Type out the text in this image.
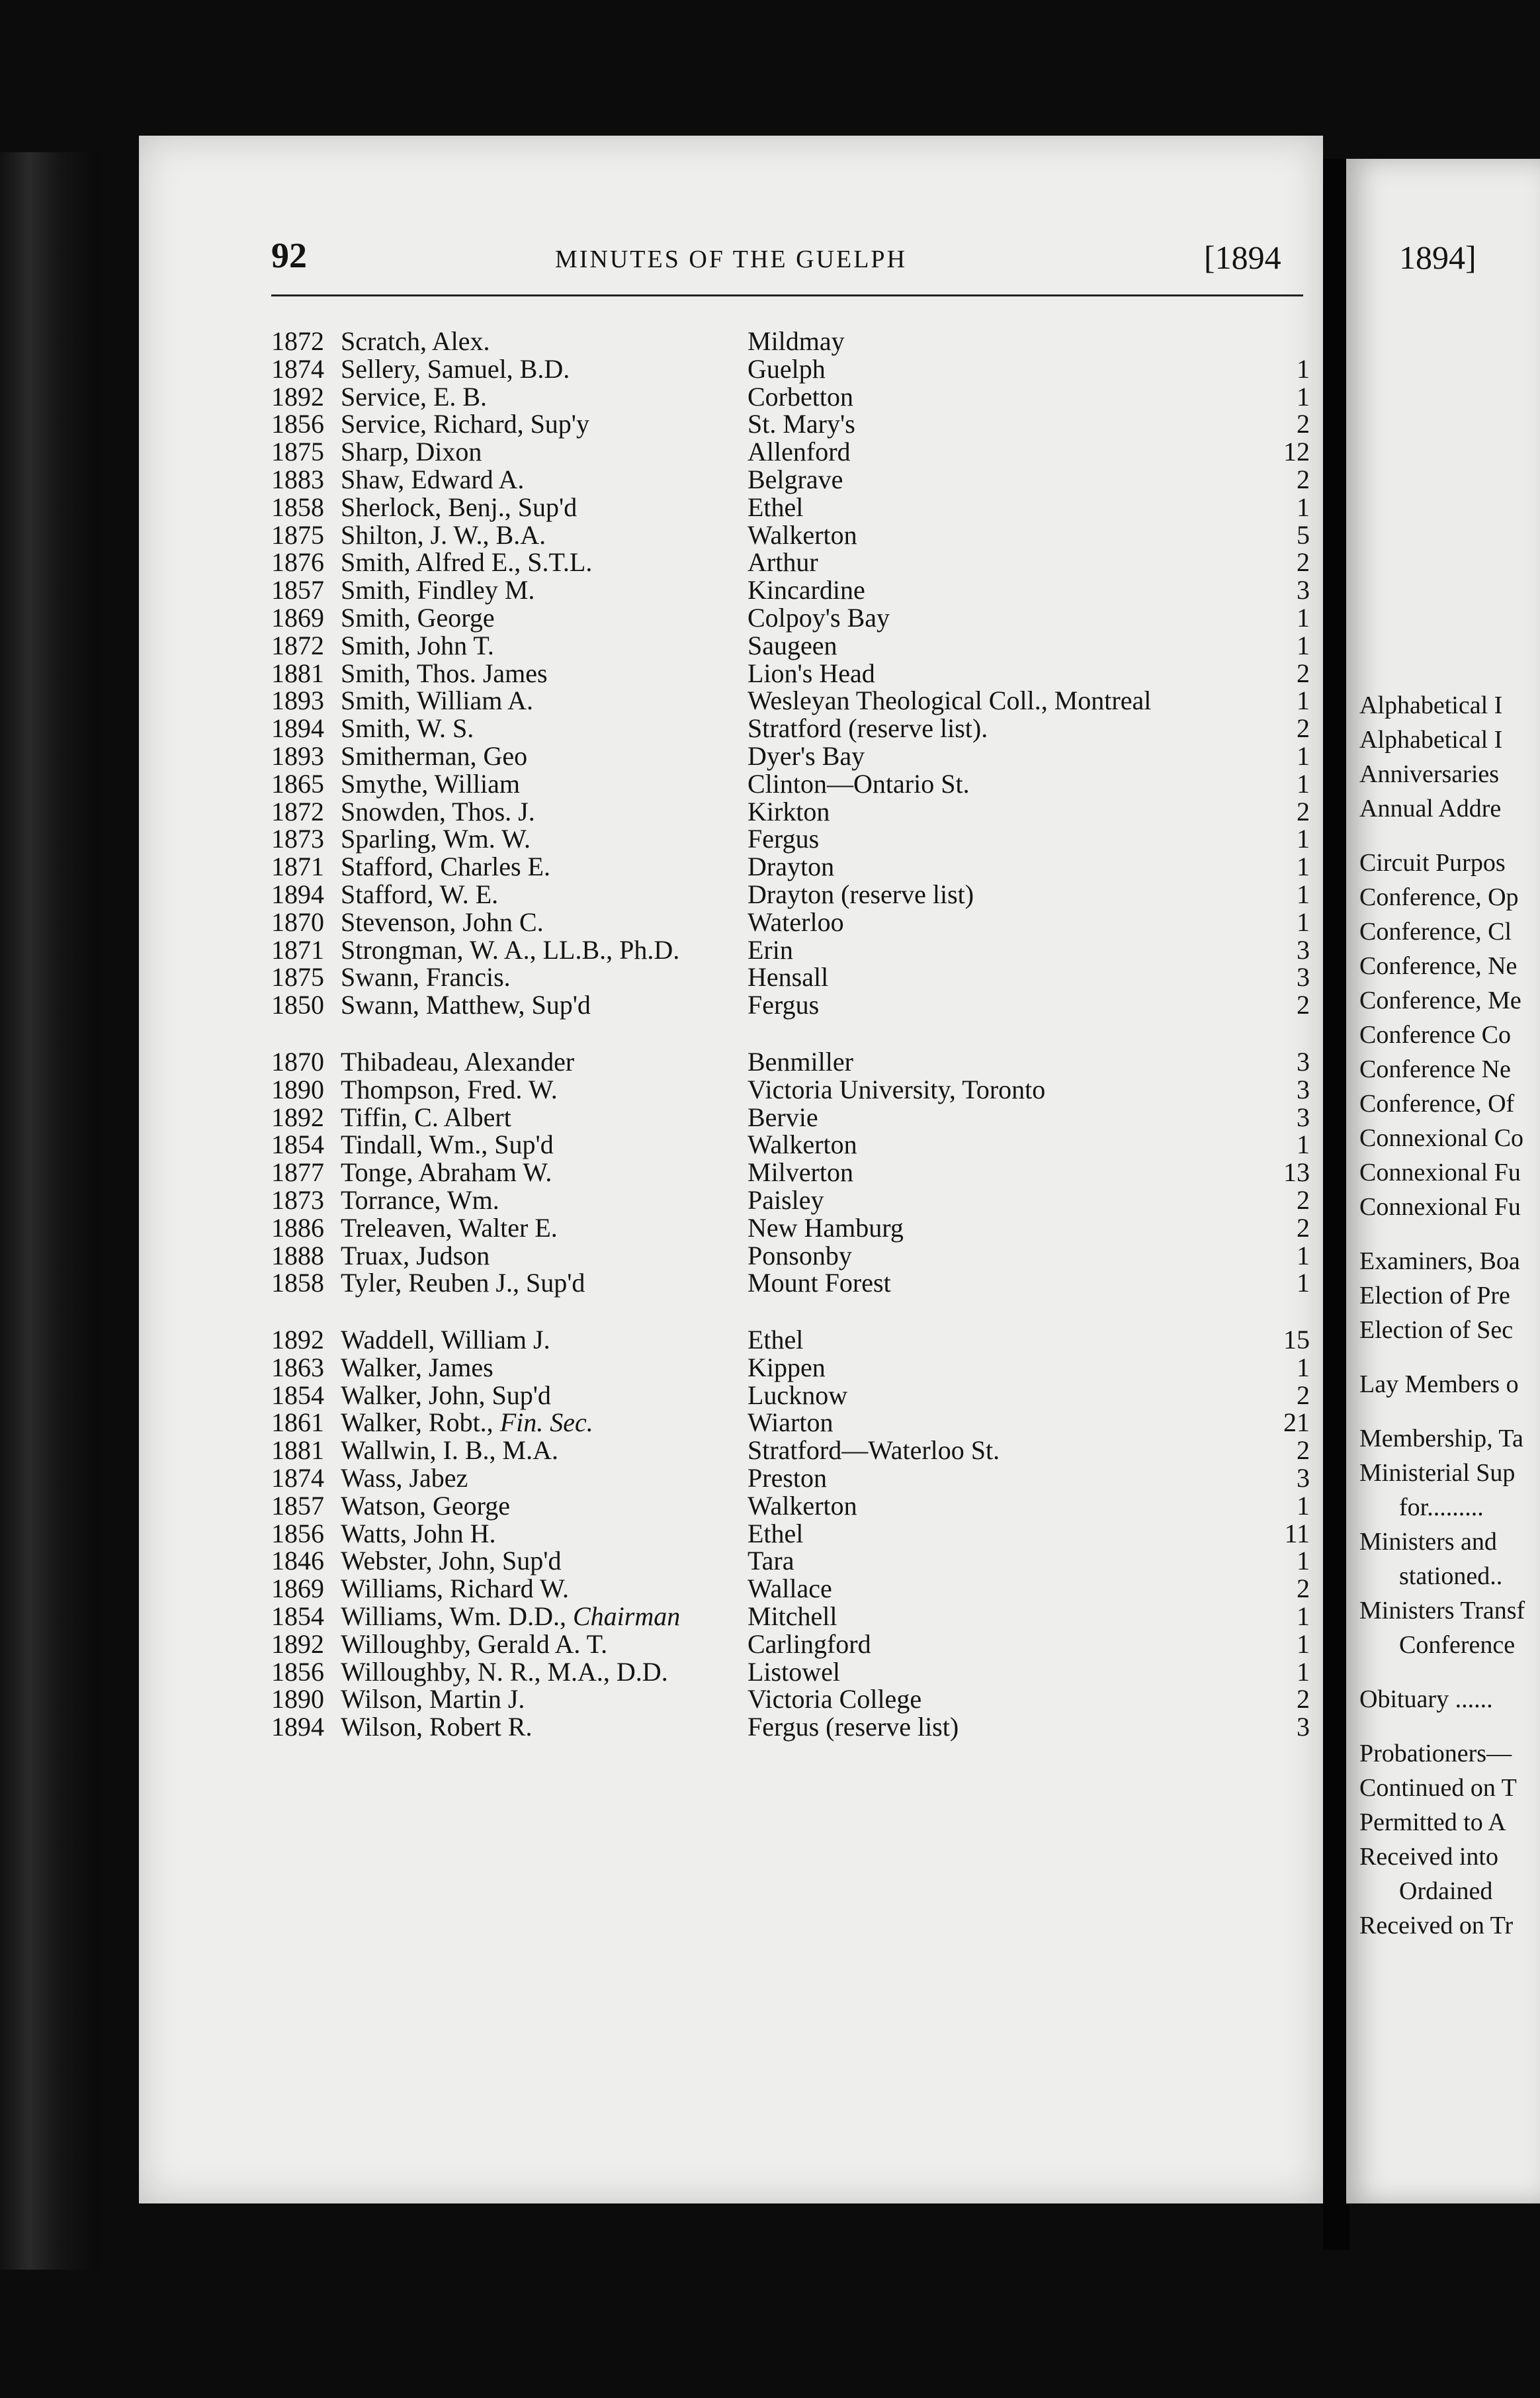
92	MINUTES OF THE GUELPH	[1894
1872 Scratch, Alex.	Mildmay
1874 Sellery, Samuel, B.D.	Guelph	1
1892 Service, E. B.	Corbetton	1
1856 Service, Richard, Sup'y	St. Mary's	2
1875 Sharp, Dixon	Allenford	12
1883 Shaw, Edward A.	Belgrave	2
1858 Sherlock, Benj., Sup'd	Ethel	1
1875 Shilton, J. W., B.A.	Walkerton	5
1876 Smith, Alfred E., S.T.L.	Arthur	2
1857 Smith, Findley M.	Kincardine	3
1869 Smith, George	Colpoy's Bay	1
1872 Smith, John T.	Saugeen	1
1881 Smith, Thos. James	Lion's Head	2
1893 Smith, William A.	Wesleyan Theological Coll., Montreal	1
1894 Smith, W. S.	Stratford (reserve list).	2
1893 Smitherman, Geo	Dyer's Bay	1
1865 Smythe, William	Clinton—Ontario St.	1
1872 Snowden, Thos. J.	Kirkton	2
1873 Sparling, Wm. W.	Fergus	1
1871 Stafford, Charles E.	Drayton	1
1894 Stafford, W. E.	Drayton (reserve list)	1
1870 Stevenson, John C.	Waterloo	1
1871 Strongman, W. A., LL.B., Ph.D.	Erin	3
1875 Swann, Francis.	Hensall	3
1850 Swann, Matthew, Sup'd	Fergus	2
1870 Thibadeau, Alexander	Benmiller	3
1890 Thompson, Fred. W.	Victoria University, Toronto	3
1892 Tiffin, C. Albert	Bervie	3
1854 Tindall, Wm., Sup'd	Walkerton	1
1877 Tonge, Abraham W.	Milverton	13
1873 Torrance, Wm.	Paisley	2
1886 Treleaven, Walter E.	New Hamburg	2
1888 Truax, Judson	Ponsonby	1
1858 Tyler, Reuben J., Sup'd	Mount Forest	1
1892 Waddell, William J.	Ethel	15
1863 Walker, James	Kippen	1
1854 Walker, John, Sup'd	Lucknow	2
1861 Walker, Robt., Fin. Sec.	Wiarton	21
1881 Wallwin, I. B., M.A.	Stratford—Waterloo St.	2
1874 Wass, Jabez	Preston	3
1857 Watson, George	Walkerton	1
1856 Watts, John H.	Ethel	11
1846 Webster, John, Sup'd	Tara	1
1869 Williams, Richard W.	Wallace	2
1854 Williams, Wm. D.D., Chairman	Mitchell	1
1892 Willoughby, Gerald A. T.	Carlingford	1
1856 Willoughby, N. R., M.A., D.D.	Listowel	1
1890 Wilson, Martin J.	Victoria College	2
1894 Wilson, Robert R.	Fergus (reserve list)	3
1894]
Alphabetical I
Alphabetical I
Anniversaries
Annual Addre
Circuit Purpos
Conference, Op
Conference, Cl
Conference, Ne
Conference, Me
Conference Co
Conference Ne
Conference, Of
Connexional Co
Connexional Fu
Connexional Fu
Examiners, Boa
Election of Pre
Election of Sec
Lay Members o
Membership, Ta
Ministerial Sup
for.........
Ministers and
stationed..
Ministers Transf
Conference
Obituary ......
Probationers—
Continued on T
Permitted to A
Received into
Ordained
Received on Tr
